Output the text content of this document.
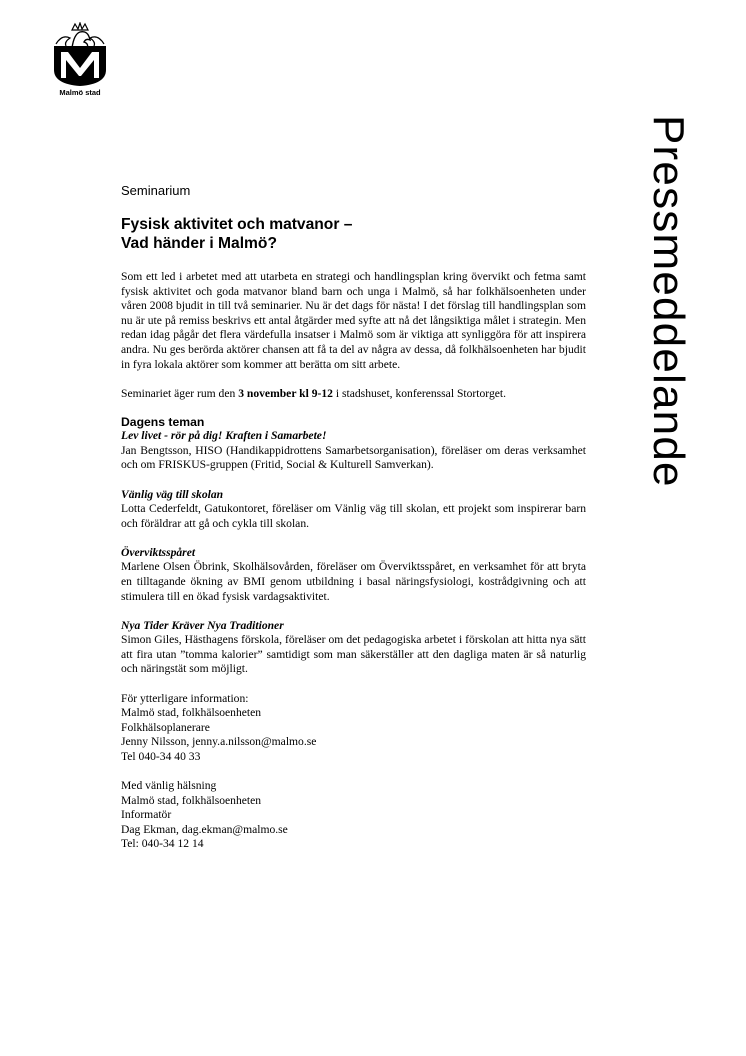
Malmö stad
Pressmeddelande
Seminarium
Fysisk aktivitet och matvanor –
Vad händer i Malmö?

Som ett led i arbetet med att utarbeta en strategi och handlingsplan kring övervikt och fetma samt fysisk aktivitet och goda matvanor bland barn och unga i Malmö, så har folkhälsoenheten under våren 2008 bjudit in till två seminarier. Nu är det dags för nästa! I det förslag till handlingsplan som nu är ute på remiss beskrivs ett antal åtgärder med syfte att nå det långsiktiga målet i strategin. Men redan idag pågår det flera värdefulla insatser i Malmö som är viktiga att synliggöra för att inspirera andra. Nu ges berörda aktörer chansen att få ta del av några av dessa, då folkhälsoenheten har bjudit in fyra lokala aktörer som kommer att berätta om sitt arbete.

Seminariet äger rum den 3 november kl 9-12 i stadshuset, konferenssal Stortorget.

Dagens teman
Lev livet - rör på dig! Kraften i Samarbete!

Jan Bengtsson, HISO (Handikappidrottens Samarbetsorganisation), föreläser om deras verksamhet och om FRISKUS-gruppen (Fritid, Social & Kulturell Samverkan).

Vänlig väg till skolan

Lotta Cederfeldt, Gatukontoret, föreläser om Vänlig väg till skolan, ett projekt som inspirerar barn och föräldrar att gå och cykla till skolan.

Överviktsspåret

Marlene Olsen Öbrink, Skolhälsovården, föreläser om Överviktsspåret, en verksamhet för att bryta en tilltagande ökning av BMI genom utbildning i basal näringsfysiologi, kostrådgivning och att stimulera till en ökad fysisk vardagsaktivitet.

Nya Tider Kräver Nya Traditioner

Simon Giles, Hästhagens förskola, föreläser om det pedagogiska arbetet i förskolan att hitta nya sätt att fira utan ”tomma kalorier” samtidigt som man säkerställer att den dagliga maten är så naturlig och näringstät som möjligt.

För ytterligare information:

Malmö stad, folkhälsoenheten

Folkhälsoplanerare

Jenny Nilsson, jenny.a.nilsson@malmo.se

Tel 040-34 40 33

Med vänlig hälsning

Malmö stad, folkhälsoenheten

Informatör

Dag Ekman, dag.ekman@malmo.se

Tel: 040-34 12 14
